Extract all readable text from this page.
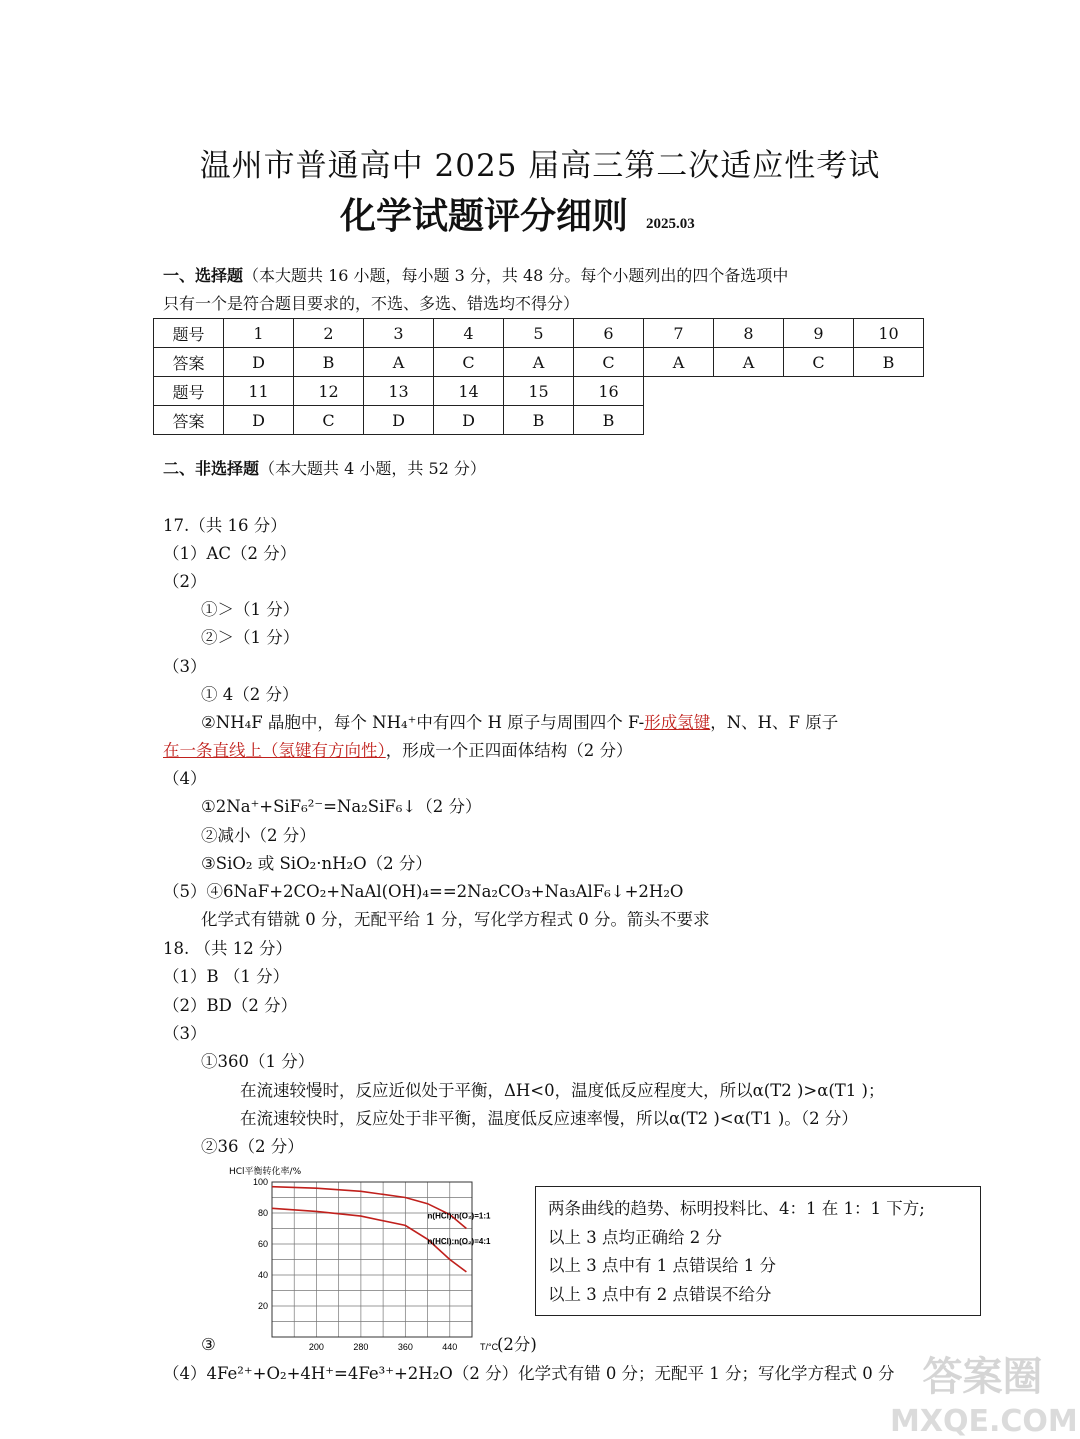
温州市普通高中 2025 届高三第二次适应性考试
化学试题评分细则 2025.03
一、选择题（本大题共 16 小题，每小题 3 分，共 48 分。每个小题列出的四个备选项中
只有一个是符合题目要求的，不选、多选、错选均不得分）
题号	1	2	3	4	5	6	7	8	9	10
答案	D	B	A	C	A	C	A	A	C	B
题号	11	12	13	14	15	16				
答案	D	C	D	D	B	B				
二、非选择题（本大题共 4 小题，共 52 分）
17.（共 16 分）
（1）AC（2 分）
（2）
①＞（1 分）
②＞（1 分）
（3）
① 4（2 分）
②NH₄F 晶胞中，每个 NH₄⁺中有四个 H 原子与周围四个 F-形成氢键，N、H、F 原子
在一条直线上（氢键有方向性），形成一个正四面体结构（2 分）
（4）
①2Na⁺+SiF₆²⁻=Na₂SiF₆↓（2 分）
②减小（2 分）
③SiO₂ 或 SiO₂·nH₂O（2 分）
（5）④6NaF+2CO₂+NaAl(OH)₄==2Na₂CO₃+Na₃AlF₆↓+2H₂O
化学式有错就 0 分，无配平给 1 分，写化学方程式 0 分。箭头不要求
18. （共 12 分）
（1）B （1 分）
（2）BD（2 分）
（3）
①360（1 分）
在流速较慢时，反应近似处于平衡，ΔH<0，温度低反应程度大，所以α(T2 )>α(T1 )；
在流速较快时，反应处于非平衡，温度低反应速率慢，所以α(T2 )<α(T1 )。（2 分）
②36（2 分）
20
40
60
80
100
200	280	360	440	T/°C
HCl平衡转化率/%
n(HCl):n(O₂)=1:1
n(HCl):n(O₂)=4:1
③	(2分)
两条曲线的趋势、标明投料比、4：1 在 1：1 下方;
以上 3 点均正确给 2 分
以上 3 点中有 1 点错误给 1 分
以上 3 点中有 2 点错误不给分
（4）4Fe²⁺+O₂+4H⁺=4Fe³⁺+2H₂O（2 分）化学式有错 0 分；无配平 1 分；写化学方程式 0 分 答案圈
MXQE.COM
